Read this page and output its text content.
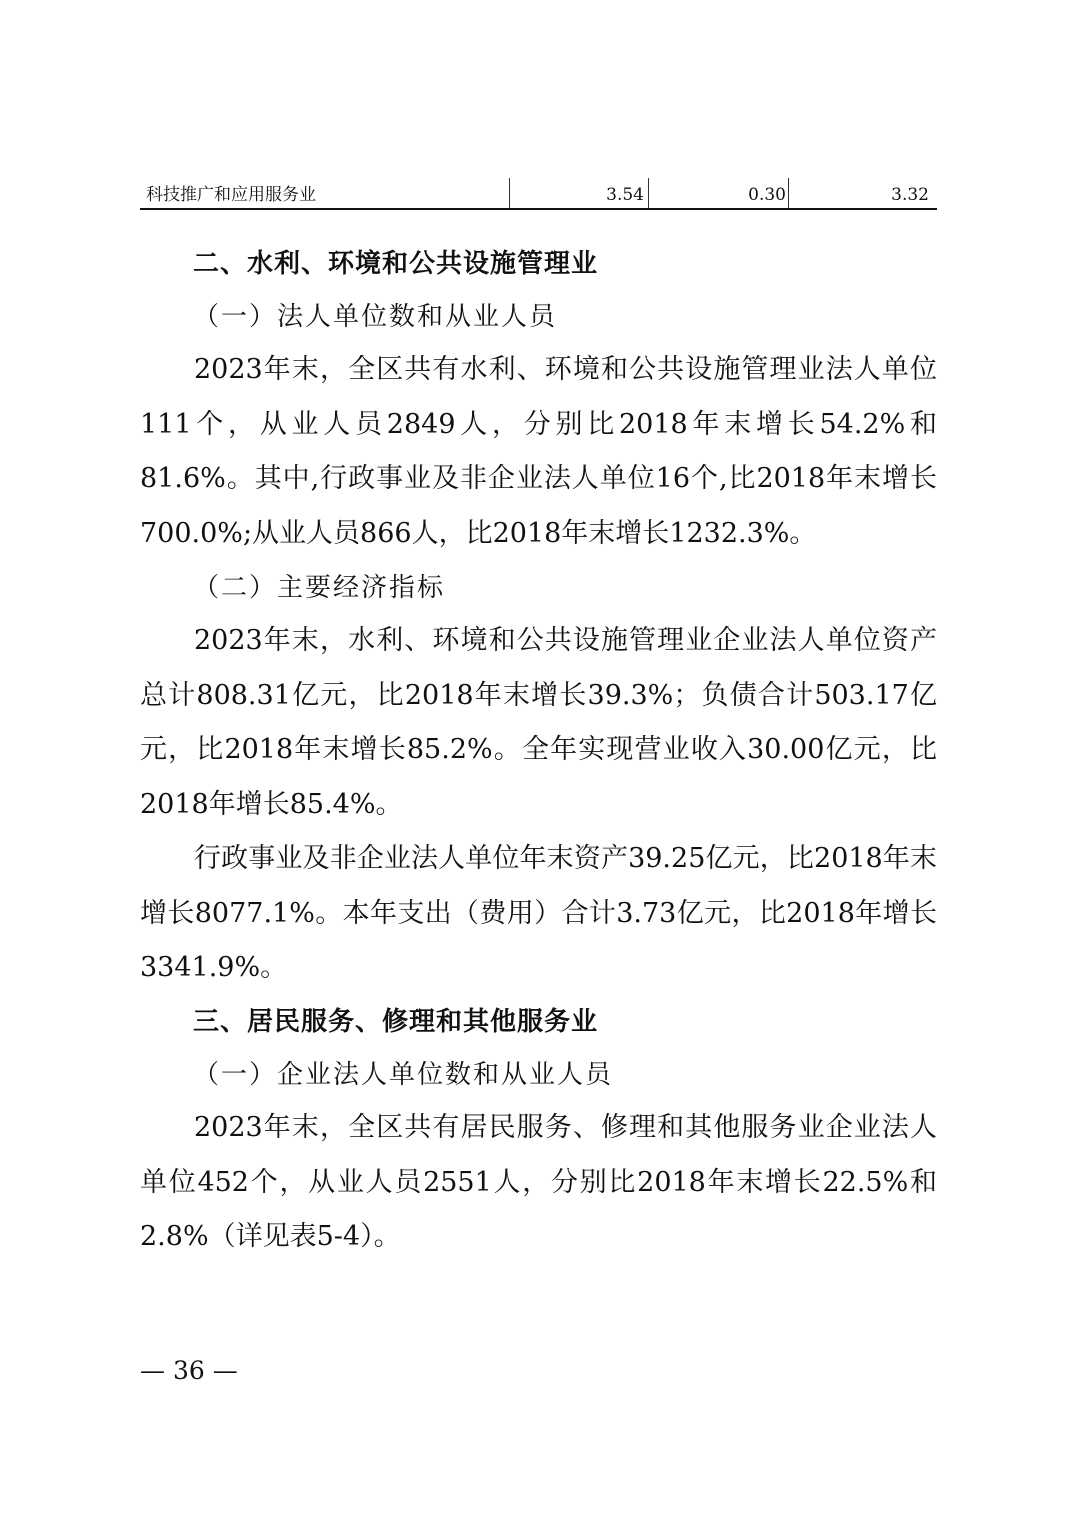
科技推广和应用服务业	3.54	0.30	3.32
二、水利、环境和公共设施管理业
（一）法人单位数和从业人员

2023年末，全区共有水利、环境和公共设施管理业法人单位111个，从业人员2849人，分别比2018年末增长54.2%和81.6%。其中,行政事业及非企业法人单位16个,比2018年末增长700.0%;从业人员866人，比2018年末增长1232.3%。

（二）主要经济指标

2023年末，水利、环境和公共设施管理业企业法人单位资产总计808.31亿元，比2018年末增长39.3%；负债合计503.17亿元，比2018年末增长85.2%。全年实现营业收入30.00亿元，比2018年增长85.4%。

行政事业及非企业法人单位年末资产39.25亿元，比2018年末增长8077.1%。本年支出（费用）合计3.73亿元，比2018年增长3341.9%。

三、居民服务、修理和其他服务业
（一）企业法人单位数和从业人员

2023年末，全区共有居民服务、修理和其他服务业企业法人单位452个，从业人员2551人，分别比2018年末增长22.5%和2.8%（详见表5-4）。

— 36 —
